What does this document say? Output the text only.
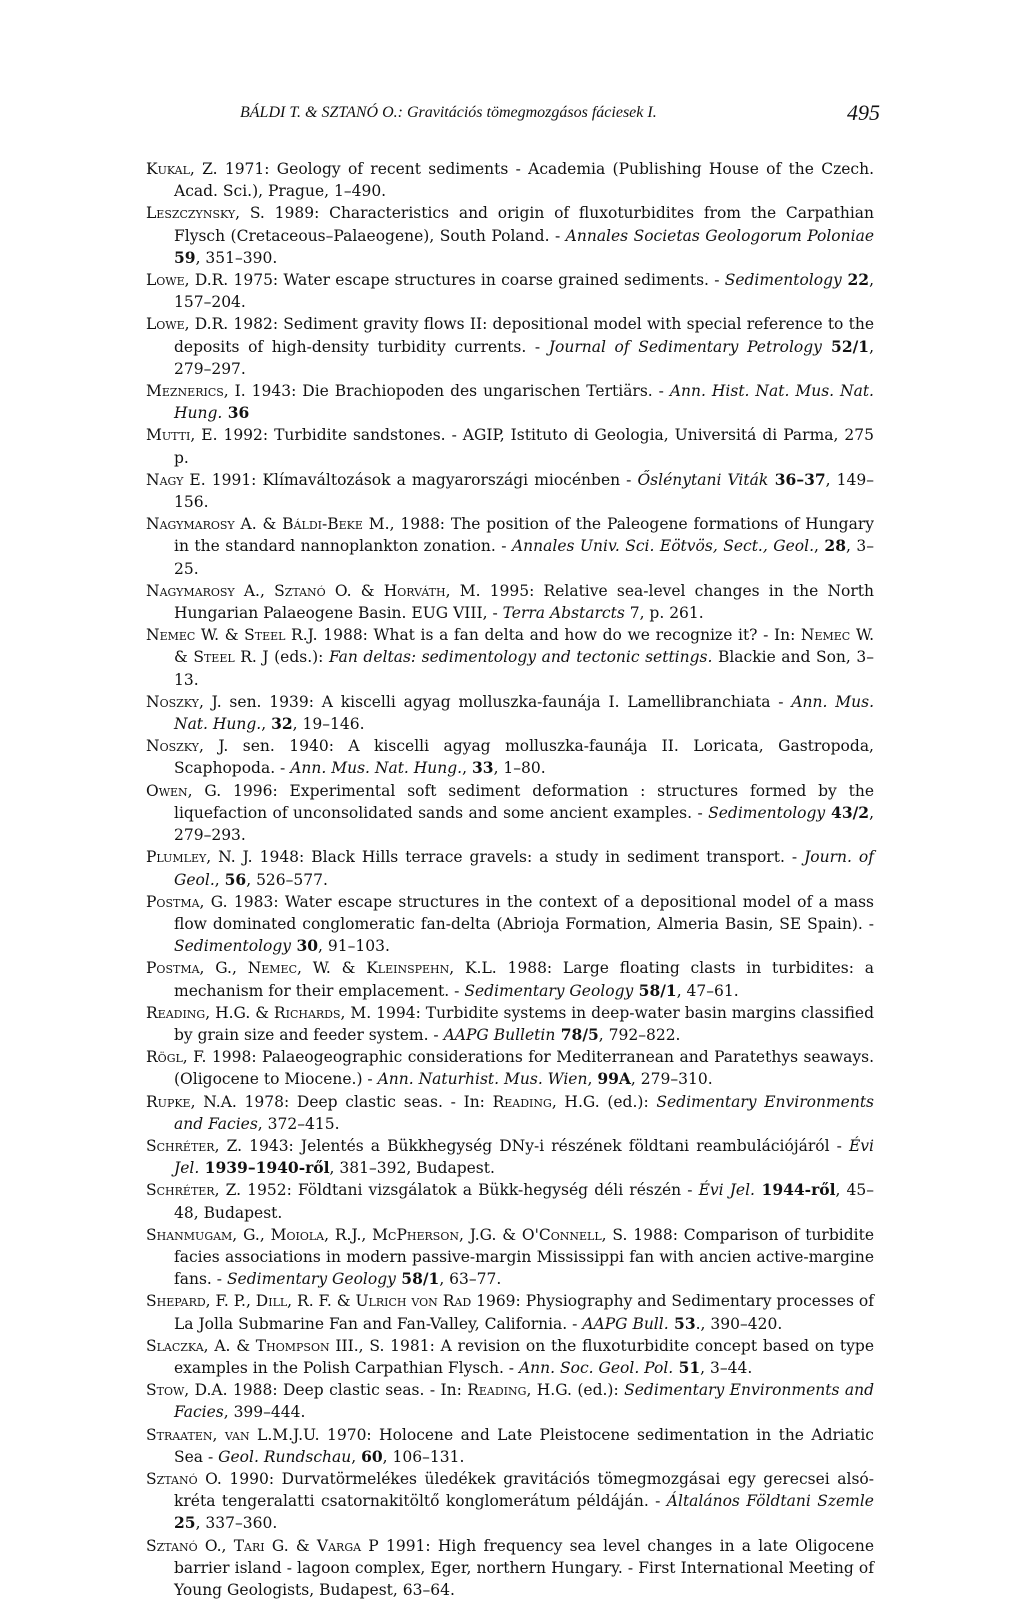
BÁLDI T. & SZTANÓ O.: Gravitációs tömegmozgásos fáciesek I.	495

Kukal, Z. 1971: Geology of recent sediments - Academia (Publishing House of the Czech. Acad. Sci.), Prague, 1–490.

Leszczynsky, S. 1989: Characteristics and origin of fluxoturbidites from the Carpathian Flysch (Cretaceous–Palaeogene), South Poland. - Annales Societas Geologorum Poloniae 59, 351–390.

Lowe, D.R. 1975: Water escape structures in coarse grained sediments. - Sedimentology 22, 157–204.

Lowe, D.R. 1982: Sediment gravity flows II: depositional model with special reference to the deposits of high-density turbidity currents. - Journal of Sedimentary Petrology 52/1, 279–297.

Meznerics, I. 1943: Die Brachiopoden des ungarischen Tertiärs. - Ann. Hist. Nat. Mus. Nat. Hung. 36

Mutti, E. 1992: Turbidite sandstones. - AGIP, Istituto di Geologia, Universitá di Parma, 275 p.

Nagy E. 1991: Klímaváltozások a magyarországi miocénben - Őslénytani Viták 36–37, 149–156.

Nagymarosy A. & Báldi-Beke M., 1988: The position of the Paleogene formations of Hungary in the standard nannoplankton zonation. - Annales Univ. Sci. Eötvös, Sect., Geol., 28, 3–25.

Nagymarosy A., Sztanó O. & Horváth, M. 1995: Relative sea-level changes in the North Hungarian Palaeogene Basin. EUG VIII, - Terra Abstarcts 7, p. 261.

Nemec W. & Steel R.J. 1988: What is a fan delta and how do we recognize it? - In: Nemec W. & Steel R. J (eds.): Fan deltas: sedimentology and tectonic settings. Blackie and Son, 3–13.

Noszky, J. sen. 1939: A kiscelli agyag molluszka-faunája I. Lamellibranchiata - Ann. Mus. Nat. Hung., 32, 19–146.

Noszky, J. sen. 1940: A kiscelli agyag molluszka-faunája II. Loricata, Gastropoda, Scaphopoda. - Ann. Mus. Nat. Hung., 33, 1–80.

Owen, G. 1996: Experimental soft sediment deformation : structures formed by the liquefaction of unconsolidated sands and some ancient examples. - Sedimentology 43/2, 279–293.

Plumley, N. J. 1948: Black Hills terrace gravels: a study in sediment transport. - Journ. of Geol., 56, 526–577.

Postma, G. 1983: Water escape structures in the context of a depositional model of a mass flow dominated conglomeratic fan-delta (Abrioja Formation, Almeria Basin, SE Spain). - Sedimentology 30, 91–103.

Postma, G., Nemec, W. & Kleinspehn, K.L. 1988: Large floating clasts in turbidites: a mechanism for their emplacement. - Sedimentary Geology 58/1, 47–61.

Reading, H.G. & Richards, M. 1994: Turbidite systems in deep-water basin margins classified by grain size and feeder system. - AAPG Bulletin 78/5, 792–822.

Rögl, F. 1998: Palaeogeographic considerations for Mediterranean and Paratethys seaways. (Oligocene to Miocene.) - Ann. Naturhist. Mus. Wien, 99A, 279–310.

Rupke, N.A. 1978: Deep clastic seas. - In: Reading, H.G. (ed.): Sedimentary Environments and Facies, 372–415.

Schréter, Z. 1943: Jelentés a Bükkhegység DNy-i részének földtani reambulációjáról - Évi Jel. 1939–1940-ről, 381–392, Budapest.

Schréter, Z. 1952: Földtani vizsgálatok a Bükk-hegység déli részén - Évi Jel. 1944-ről, 45–48, Budapest.

Shanmugam, G., Moiola, R.J., McPherson, J.G. & O'Connell, S. 1988: Comparison of turbidite facies associations in modern passive-margin Mississippi fan with ancien active-margine fans. - Sedimentary Geology 58/1, 63–77.

Shepard, F. P., Dill, R. F. & Ulrich von Rad 1969: Physiography and Sedimentary processes of La Jolla Submarine Fan and Fan-Valley, California. - AAPG Bull. 53., 390–420.

Slaczka, A. & Thompson III., S. 1981: A revision on the fluxoturbidite concept based on type examples in the Polish Carpathian Flysch. - Ann. Soc. Geol. Pol. 51, 3–44.

Stow, D.A. 1988: Deep clastic seas. - In: Reading, H.G. (ed.): Sedimentary Environments and Facies, 399–444.

Straaten, van L.M.J.U. 1970: Holocene and Late Pleistocene sedimentation in the Adriatic Sea - Geol. Rundschau, 60, 106–131.

Sztanó O. 1990: Durvatörmelékes üledékek gravitációs tömegmozgásai egy gerecsei alsó-kréta tengeralatti csatornakitöltő konglomerátum példáján. - Általános Földtani Szemle 25, 337–360.

Sztanó O., Tari G. & Varga P 1991: High frequency sea level changes in a late Oligocene barrier island - lagoon complex, Eger, northern Hungary. - First International Meeting of Young Geologists, Budapest, 63–64.
